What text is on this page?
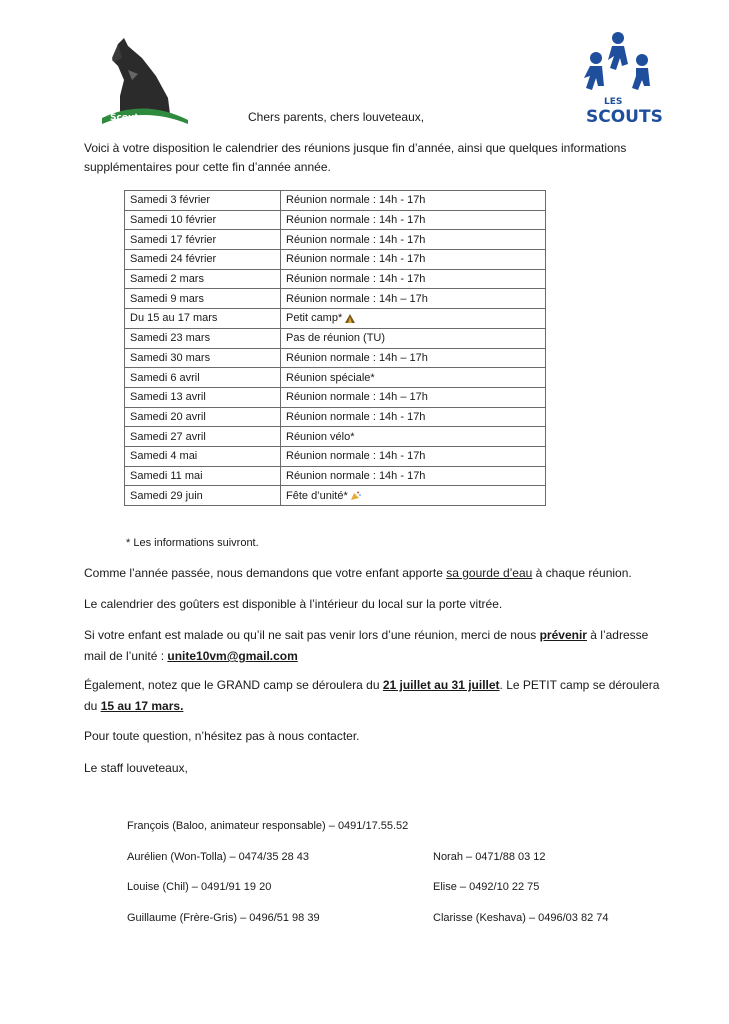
Scouts
LES
SCOUTS
Chers parents, chers louveteaux,
Voici à votre disposition le calendrier des réunions jusque fin d’année, ainsi que quelques informations supplémentaires pour cette fin d’année année.
Samedi 3 février	Réunion normale : 14h - 17h
Samedi 10 février	Réunion normale : 14h - 17h
Samedi 17 février	Réunion normale : 14h - 17h
Samedi 24 février	Réunion normale : 14h - 17h
Samedi 2 mars	Réunion normale : 14h - 17h
Samedi 9 mars	Réunion normale : 14h – 17h
Du 15 au 17 mars	Petit camp*
Samedi 23 mars	Pas de réunion (TU)
Samedi 30 mars	Réunion normale : 14h – 17h
Samedi 6 avril	Réunion spéciale*
Samedi 13 avril	Réunion normale : 14h – 17h
Samedi 20 avril	Réunion normale : 14h - 17h
Samedi 27 avril	Réunion vélo*
Samedi 4 mai	Réunion normale : 14h - 17h
Samedi 11 mai	Réunion normale : 14h - 17h
Samedi 29 juin	Fête d’unité*
* Les informations suivront.
Comme l’année passée, nous demandons que votre enfant apporte sa gourde d’eau à chaque réunion.
Le calendrier des goûters est disponible à l’intérieur du local sur la porte vitrée.
Si votre enfant est malade ou qu’il ne sait pas venir lors d’une réunion, merci de nous prévenir à l’adresse mail de l’unité : unite10vm@gmail.com
Également, notez que le GRAND camp se déroulera du 21 juillet au 31 juillet. Le PETIT camp se déroulera du 15 au 17 mars.
Pour toute question, n’hésitez pas à nous contacter.
Le staff louveteaux,
François (Baloo, animateur responsable) – 0491/17.55.52
Aurélien (Won-Tolla) – 0474/35 28 43
Louise (Chil) – 0491/91 19 20
Guillaume (Frère-Gris) – 0496/51 98 39
Norah – 0471/88 03 12
Elise – 0492/10 22 75
Clarisse (Keshava) – 0496/03 82 74
